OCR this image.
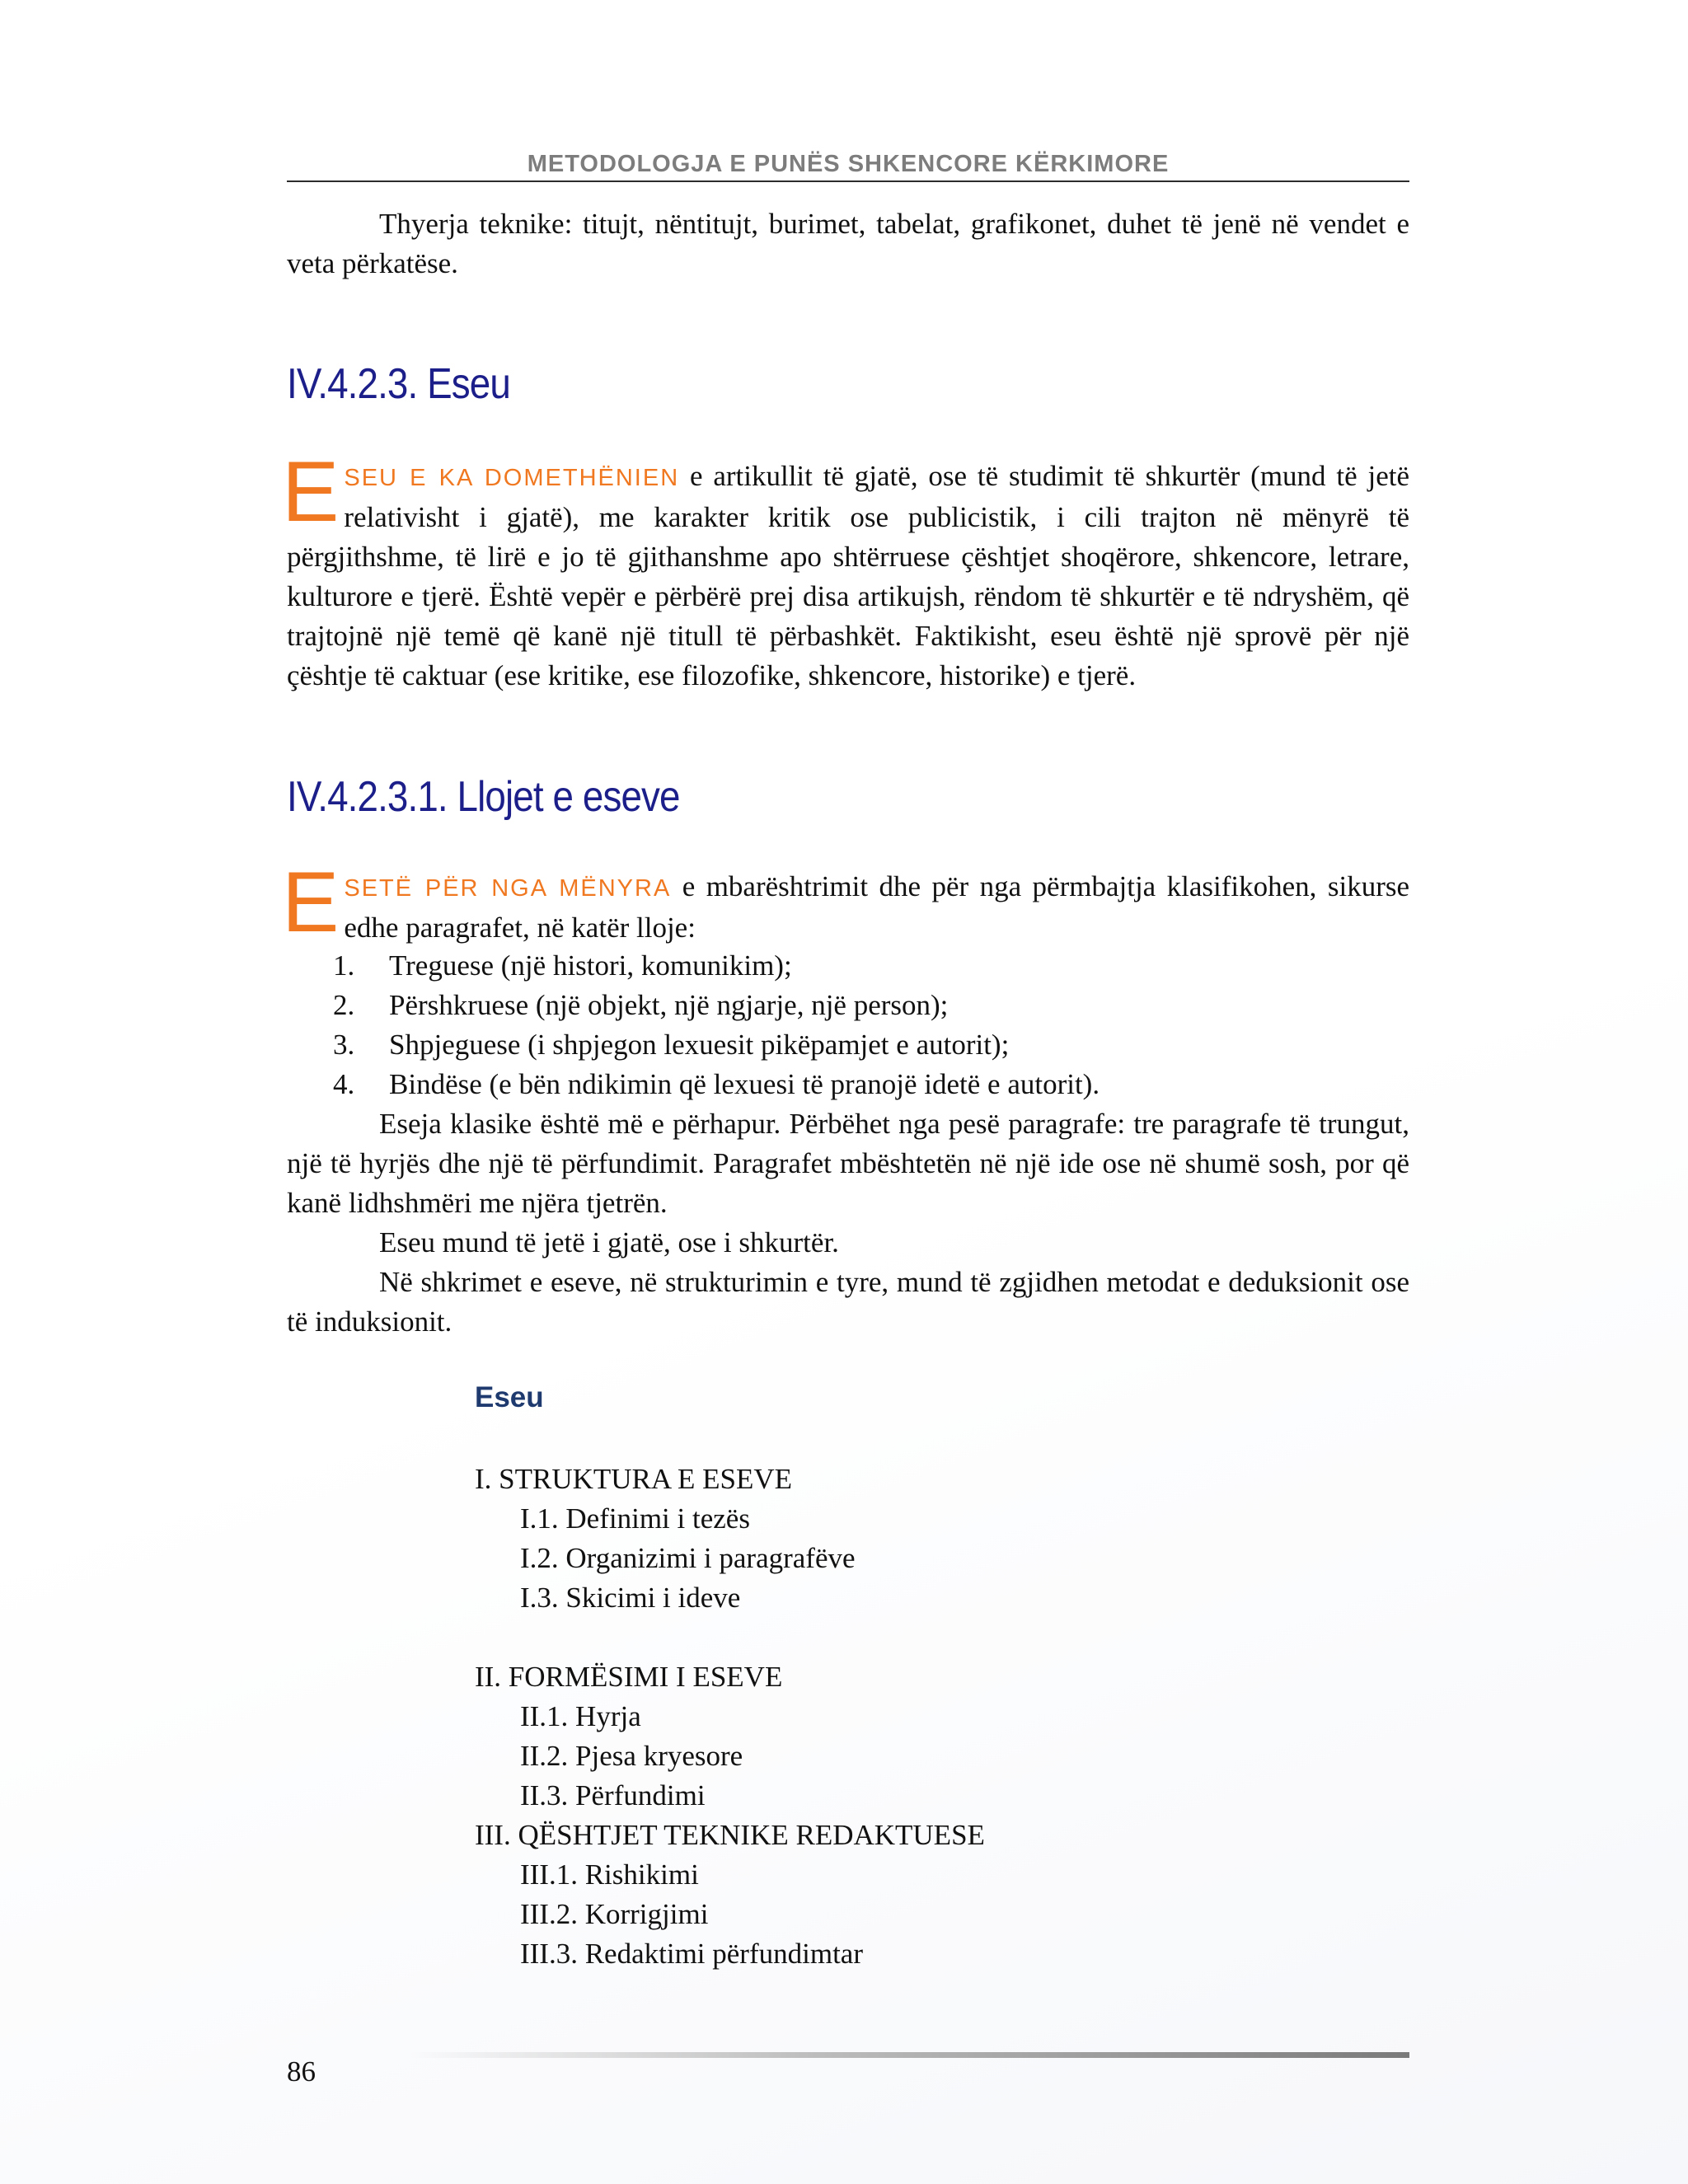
METODOLOGJA E PUNËS SHKENCORE KËRKIMORE

Thyerja teknike: titujt, nëntitujt, burimet, tabelat, grafikonet, duhet të jenë në vendet e veta përkatëse.

IV.4.2.3. Eseu

ESEU E KA DOMETHËNIEN e artikullit të gjatë, ose të studimit të shkurtër (mund të jetë relativisht i gjatë), me karakter kritik ose publicistik, i cili trajton në mënyrë të përgjithshme, të lirë e jo të gjithanshme apo shtërruese çështjet shoqërore, shkencore, letrare, kulturore e tjerë. Është vepër e përbërë prej disa artikujsh, rëndom të shkurtër e të ndryshëm, që trajtojnë një temë që kanë një titull të përbashkët. Faktikisht, eseu është një sprovë për një çështje të caktuar (ese kritike, ese filozofike, shkencore, historike) e tjerë.

IV.4.2.3.1. Llojet e eseve

ESETË PËR NGA MËNYRA e mbarështrimit dhe për nga përmbajtja klasifikohen, sikurse edhe paragrafet, në katër lloje:

1.	Treguese (një histori, komunikim);
2.	Përshkruese (një objekt, një ngjarje, një person);
3.	Shpjeguese (i shpjegon lexuesit pikëpamjet e autorit);
4.	Bindëse (e bën ndikimin që lexuesi të pranojë idetë e autorit).

Eseja klasike është më e përhapur. Përbëhet nga pesë paragrafe: tre paragrafe të trungut, një të hyrjës dhe një të përfundimit. Paragrafet mbështetën në një ide ose në shumë sosh, por që kanë lidhshmëri me njëra tjetrën.

Eseu mund të jetë i gjatë, ose i shkurtër.

Në shkrimet e eseve, në strukturimin e tyre, mund të zgjidhen metodat e deduksionit ose të induksionit.

Eseu
I. STRUKTURA E ESEVE
I.1. Definimi i tezës
I.2. Organizimi i paragrafëve
I.3. Skicimi i ideve
II. FORMËSIMI I ESEVE
II.1. Hyrja
II.2. Pjesa kryesore
II.3. Përfundimi
III. QËSHTJET TEKNIKE REDAKTUESE
III.1. Rishikimi
III.2. Korrigjimi
III.3. Redaktimi përfundimtar
86
